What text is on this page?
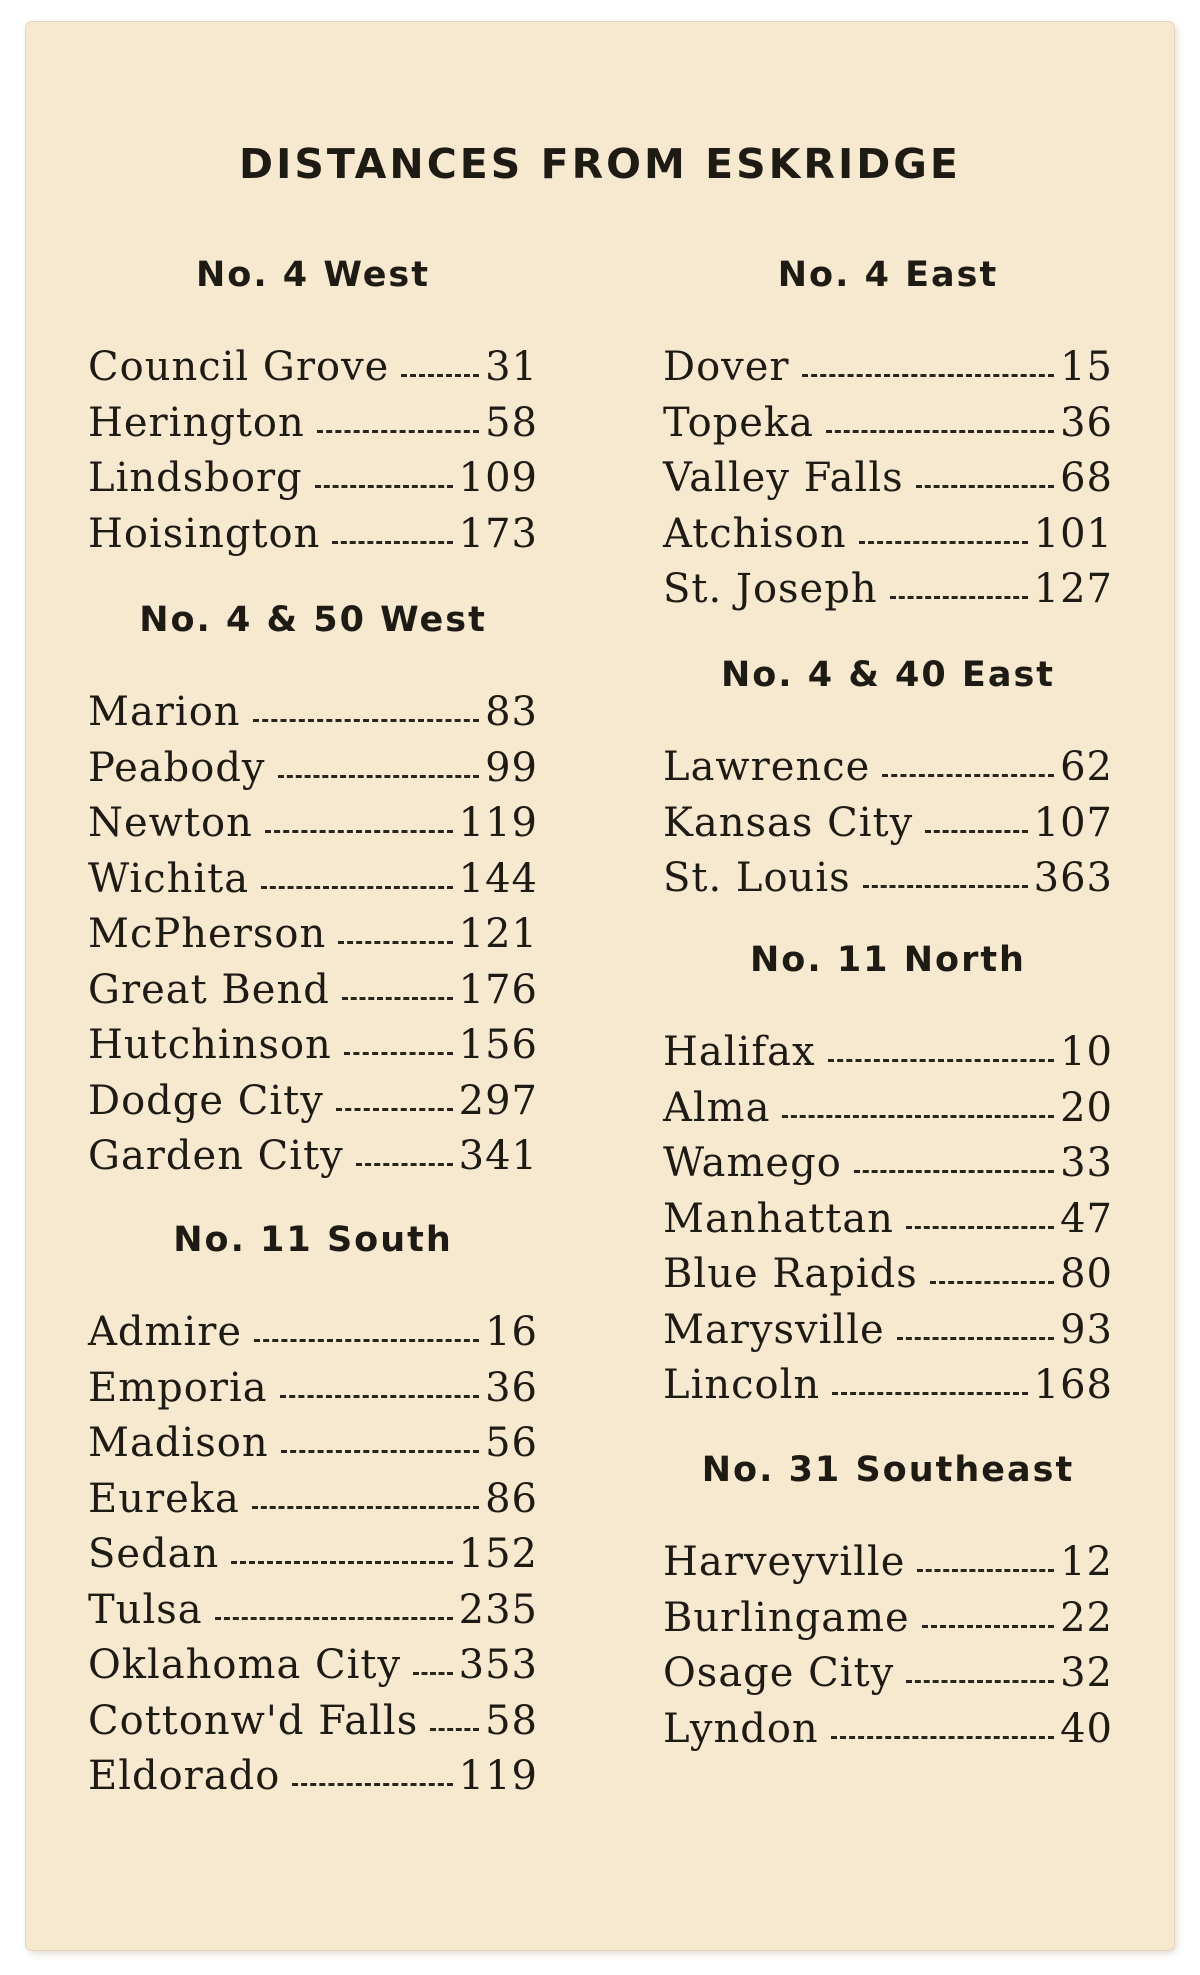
DISTANCES FROM ESKRIDGE
No. 4 West
Council Grove 31
Herington	58
Lindsborg	109
Hoisington	173
No. 4 & 50 West
Marion	83
Peabody	99
Newton	119
Wichita	144
McPherson	121
Great Bend	176
Hutchinson	156
Dodge City	297
Garden City	341
No. 11 South
Admire	16
Emporia	36
Madison	56
Eureka	86
Sedan	152
Tulsa	235
Oklahoma City 353
Cottonw'd Falls 58
Eldorado	119
No. 4 East
Dover	15
Topeka	36
Valley Falls	68
Atchison	101
St. Joseph	127
No. 4 & 40 East
Lawrence	62
Kansas City	107
St. Louis	363
No. 11 North
Halifax	10
Alma	20
Wamego	33
Manhattan	47
Blue Rapids	80
Marysville	93
Lincoln	168
No. 31 Southeast
Harveyville	12
Burlingame	22
Osage City	32
Lyndon	40
